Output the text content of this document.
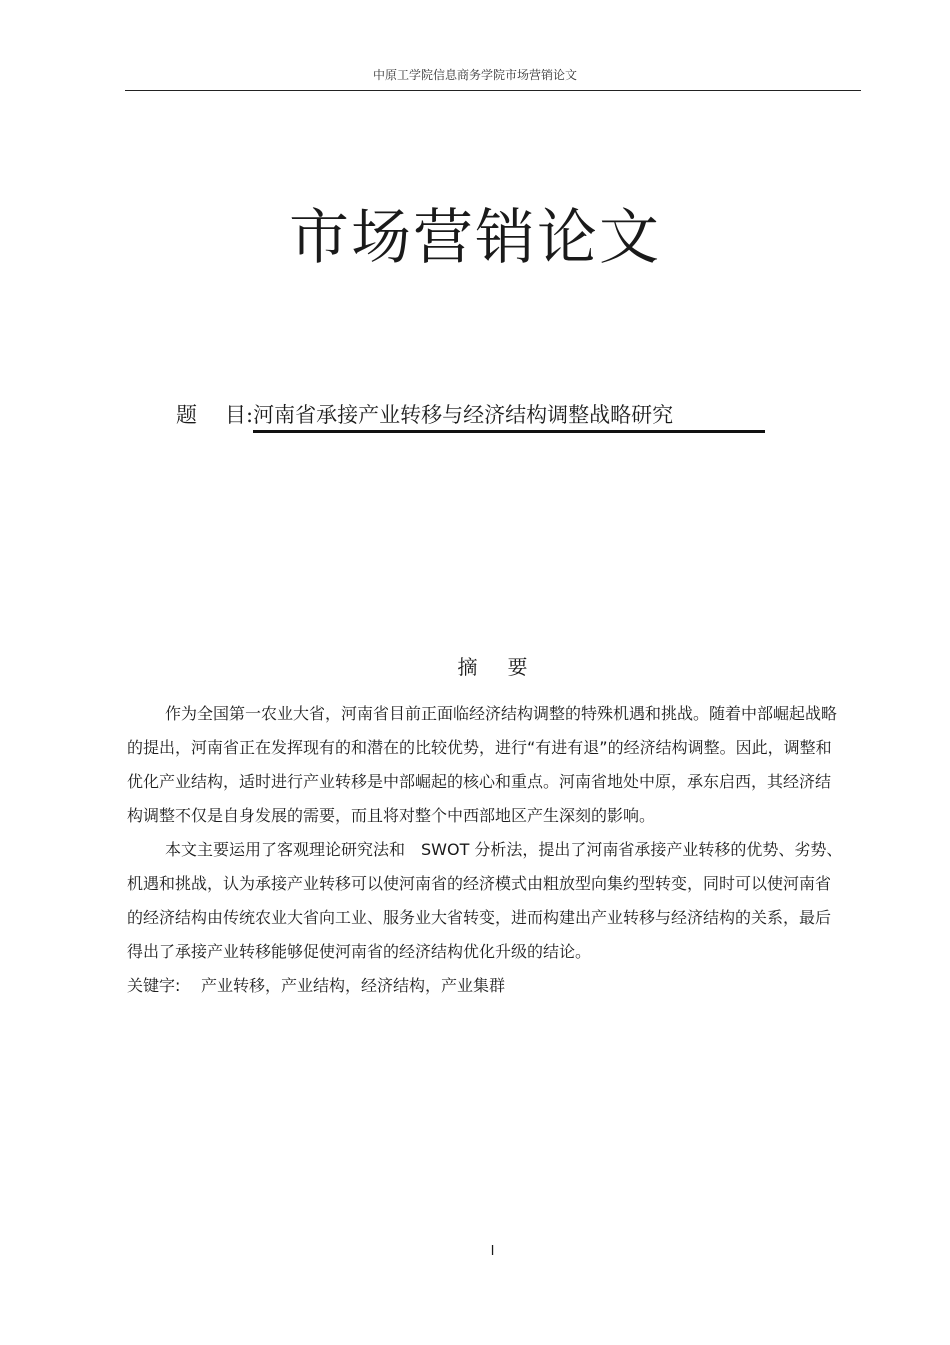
中原工学院信息商务学院市场营销论文
市场营销论文
题 目:河南省承接产业转移与经济结构调整战略研究
摘 要

作为全国第一农业大省，河南省目前正面临经济结构调整的特殊机遇和挑战。随着中部崛起战略的提出，河南省正在发挥现有的和潜在的比较优势，进行“有进有退”的经济结构调整。因此，调整和优化产业结构，适时进行产业转移是中部崛起的核心和重点。河南省地处中原，承东启西，其经济结构调整不仅是自身发展的需要，而且将对整个中西部地区产生深刻的影响。

本文主要运用了客观理论研究法和　SWOT 分析法，提出了河南省承接产业转移的优势、劣势、机遇和挑战，认为承接产业转移可以使河南省的经济模式由粗放型向集约型转变，同时可以使河南省的经济结构由传统农业大省向工业、服务业大省转变，进而构建出产业转移与经济结构的关系，最后得出了承接产业转移能够促使河南省的经济结构优化升级的结论。

关键字: 产业转移，产业结构，经济结构，产业集群

I
